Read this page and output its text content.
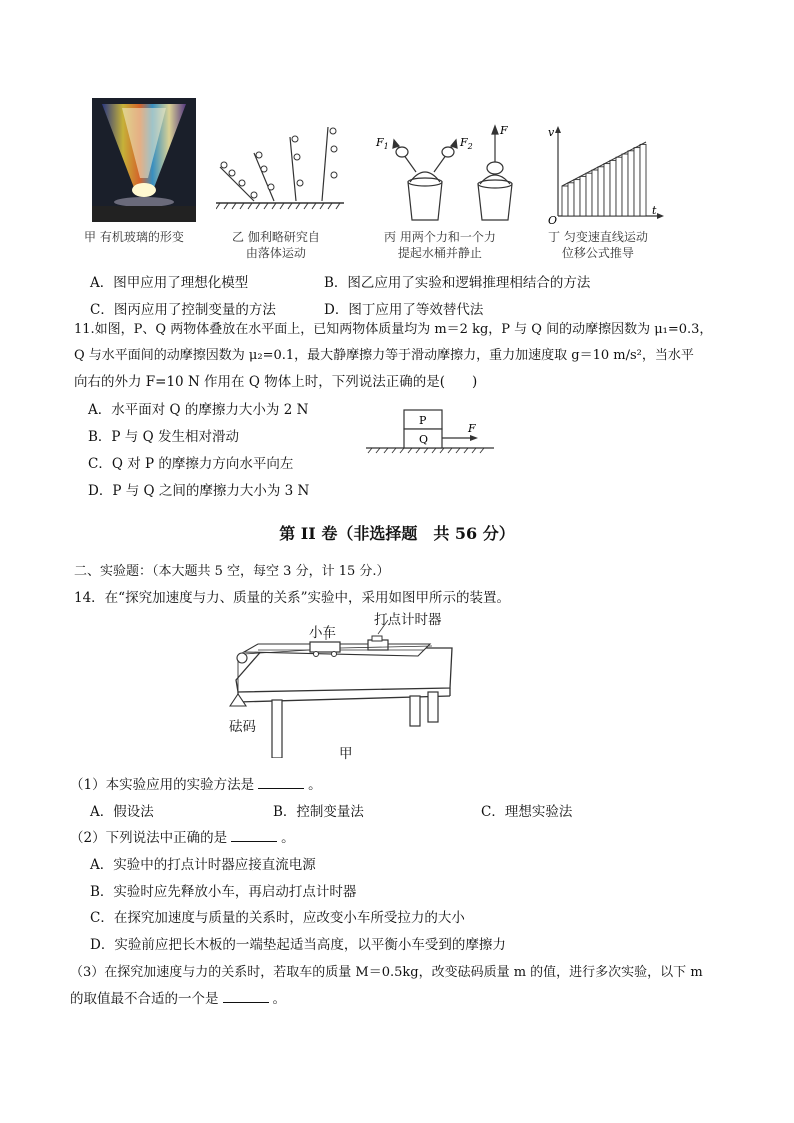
甲 有机玻璃的形变	乙 伽利略研究自
由落体运动
$F_1$	$F_2$
F
丙 用两个力和一个力
提起水桶并静止
v
t
O
丁 匀变速直线运动
位移公式推导
A．图甲应用了理想化模型	B．图乙应用了实验和逻辑推理相结合的方法
C．图丙应用了控制变量的方法	D．图丁应用了等效替代法
11.如图，P、Q 两物体叠放在水平面上，已知两物体质量均为 m＝2 kg，P 与 Q 间的动摩擦因数为 μ₁=0.3，
Q 与水平面间的动摩擦因数为 μ₂=0.1，最大静摩擦力等于滑动摩擦力，重力加速度取 g＝10 m/s²，当水平
向右的外力 F=10 N 作用在 Q 物体上时，下列说法正确的是(　　)
A．水平面对 Q 的摩擦力大小为 2 N
B．P 与 Q 发生相对滑动
C．Q 对 P 的摩擦力方向水平向左
D．P 与 Q 之间的摩擦力大小为 3 N
P
Q
F
第 II 卷（非选择题　共 56 分）
二、实验题：（本大题共 5 空，每空 3 分，计 15 分.）
14．在“探究加速度与力、质量的关系”实验中，采用如图甲所示的装置。
打点计时器
小车
砝码
甲
（1）本实验应用的实验方法是	。
A．假设法	B．控制变量法	C．理想实验法
（2）下列说法中正确的是	。
A．实验中的打点计时器应接直流电源
B．实验时应先释放小车，再启动打点计时器
C．在探究加速度与质量的关系时，应改变小车所受拉力的大小
D．实验前应把长木板的一端垫起适当高度，以平衡小车受到的摩擦力
（3）在探究加速度与力的关系时，若取车的质量 M＝0.5kg，改变砝码质量 m 的值，进行多次实验，以下 m
的取值最不合适的一个是	。
